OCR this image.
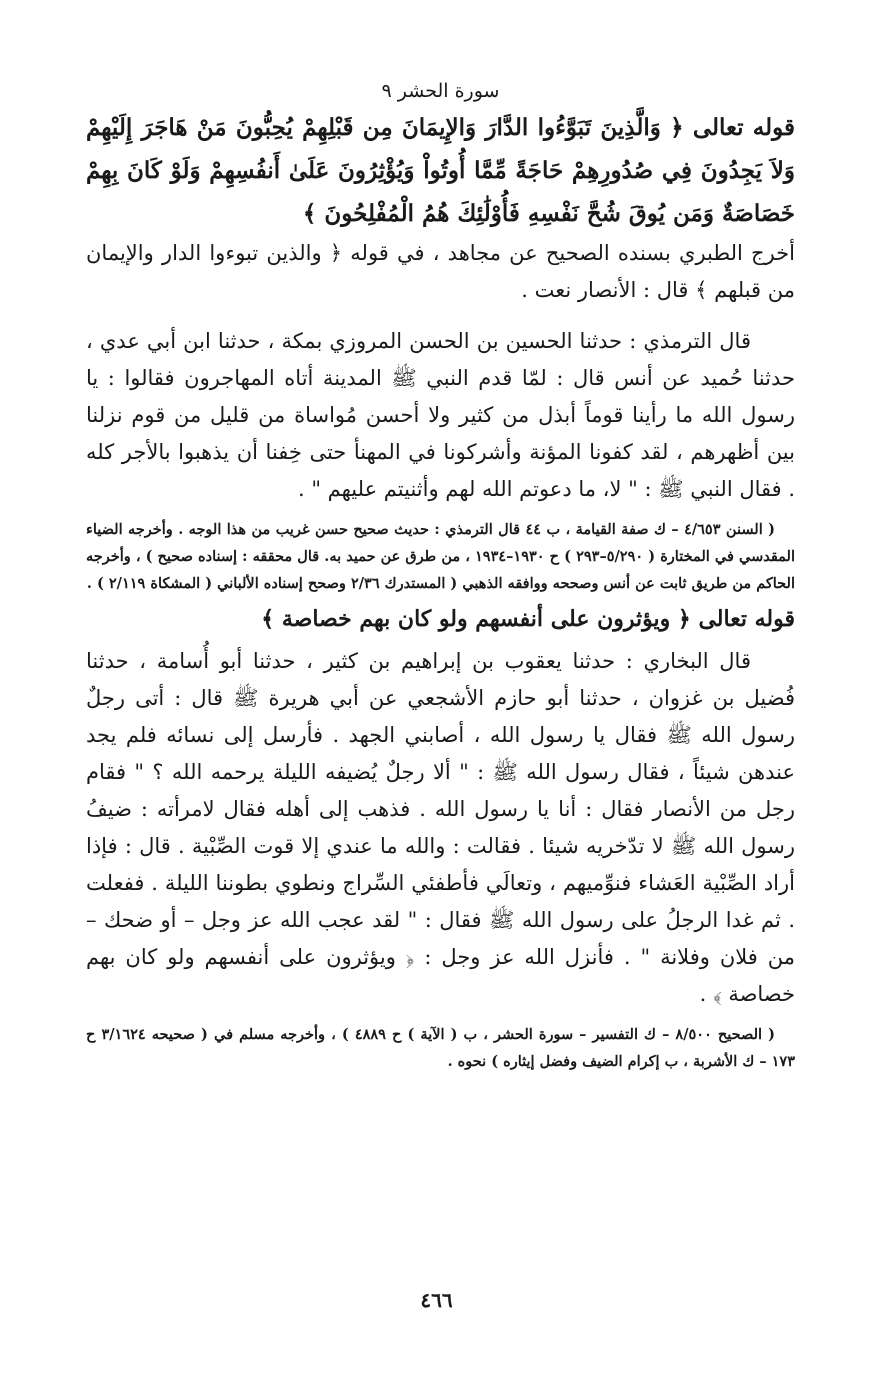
سورة الحشر ٩

قوله تعالى ﴿ وَالَّذِينَ تَبَوَّءُوا الدَّارَ وَالإِيمَانَ مِن قَبْلِهِمْ يُحِبُّونَ مَنْ هَاجَرَ إِلَيْهِمْ وَلاَ يَجِدُونَ فِي صُدُورِهِمْ حَاجَةً مِّمَّا أُوتُواْ وَيُؤْثِرُونَ عَلَىٰ أَنفُسِهِمْ وَلَوْ كَانَ بِهِمْ خَصَاصَةٌ وَمَن يُوقَ شُحَّ نَفْسِهِ فَأُوْلَٰئِكَ هُمُ الْمُفْلِحُونَ ﴾

أخرج الطبري بسنده الصحيح عن مجاهد ، في قوله ﴿ والذين تبوءوا الدار والإيمان من قبلهم ﴾ قال : الأنصار نعت .

قال الترمذي : حدثنا الحسين بن الحسن المروزي بمكة ، حدثنا ابن أبي عدي ، حدثنا حُميد عن أنس قال : لمّا قدم النبي ﷺ المدينة أتاه المهاجرون فقالوا : يا رسول الله ما رأينا قوماً أبذل من كثير ولا أحسن مُواساة من قليل من قوم نزلنا بين أظهرهم ، لقد كفونا المؤنة وأشركونا في المهنأ حتى خِفنا أن يذهبوا بالأجر كله . فقال النبي ﷺ : " لا، ما دعوتم الله لهم وأثنيتم عليهم " .

( السنن ٤/٦٥٣ – ك صفة القيامة ، ب ٤٤ قال الترمذي : حديث صحيح حسن غريب من هذا الوجه . وأخرجه الضياء المقدسي في المختارة ( ٥/٢٩٠–٢٩٣ ) ح ١٩٣٠–١٩٣٤ ، من طرق عن حميد به. قال محققه : إسناده صحيح ) ، وأخرجه الحاكم من طريق ثابت عن أنس وصححه ووافقه الذهبي ( المستدرك ٢/٣٦ وصحح إسناده الألباني ( المشكاة ٢/١١٩ ) .

قوله تعالى ﴿ ويؤثرون على أنفسهم ولو كان بهم خصاصة ﴾

قال البخاري : حدثنا يعقوب بن إبراهيم بن كثير ، حدثنا أبو أُسامة ، حدثنا فُضيل بن غزوان ، حدثنا أبو حازم الأشجعي عن أبي هريرة ﷺ قال : أتى رجلٌ رسول الله ﷺ فقال يا رسول الله ، أصابني الجهد . فأرسل إلى نسائه فلم يجد عندهن شيئاً ، فقال رسول الله ﷺ : " ألا رجلٌ يُضيفه الليلة يرحمه الله ؟ " فقام رجل من الأنصار فقال : أنا يا رسول الله . فذهب إلى أهله فقال لامرأته : ضيفُ رسول الله ﷺ لا تدّخريه شيئا . فقالت : والله ما عندي إلا قوت الصِّبْية . قال : فإذا أراد الصِّبْية العَشاء فنوِّميهم ، وتعالَي فأطفئي السِّراج ونطوي بطوننا الليلة . ففعلت . ثم غدا الرجلُ على رسول الله ﷺ فقال : " لقد عجب الله عز وجل – أو ضحك – من فلان وفلانة " . فأنزل الله عز وجل : ﴿ ويؤثرون على أنفسهم ولو كان بهم خصاصة ﴾ .

( الصحيح ٨/٥٠٠ – ك التفسير – سورة الحشر ، ب ( الآية ) ح ٤٨٨٩ ) ، وأخرجه مسلم في ( صحيحه ٣/١٦٢٤ ح ١٧٣ – ك الأشربة ، ب إكرام الضيف وفضل إيثاره ) نحوه .

٤٦٦
